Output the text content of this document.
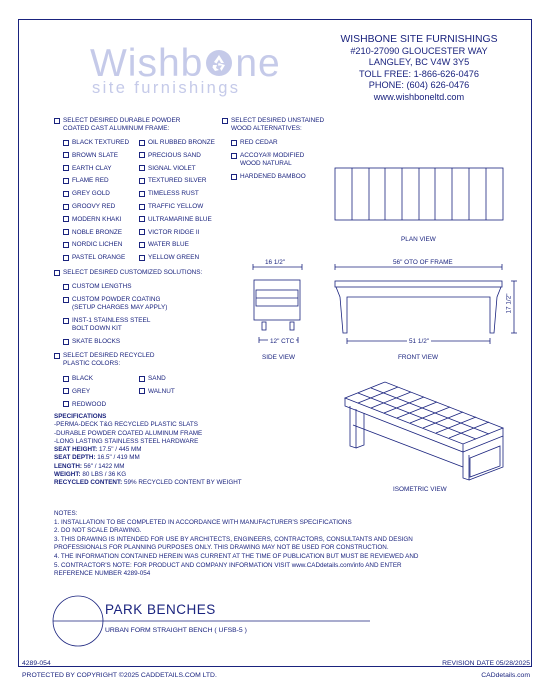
Wishb ne
site furnishings
WISHBONE SITE FURNISHINGS
#210-27090 GLOUCESTER WAY
LANGLEY, BC V4W 3Y5
TOLL FREE: 1-866-626-0476
PHONE: (604) 626-0476
www.wishboneltd.com
SELECT DESIRED DURABLE POWDER
COATED CAST ALUMINUM FRAME:
BLACK TEXTURED
BROWN SLATE
EARTH CLAY
FLAME RED
GREY GOLD
GROOVY RED
MODERN KHAKI
NOBLE BRONZE
NORDIC LICHEN
PASTEL ORANGE
OIL RUBBED BRONZE
PRECIOUS SAND
SIGNAL VIOLET
TEXTURED SILVER
TIMELESS RUST
TRAFFIC YELLOW
ULTRAMARINE BLUE
VICTOR RIDGE II
WATER BLUE
YELLOW GREEN
SELECT DESIRED UNSTAINED
WOOD ALTERNATIVES:
RED CEDAR
ACCOYA® MODIFIED
WOOD NATURAL
HARDENED BAMBOO
SELECT DESIRED CUSTOMIZED SOLUTIONS:
CUSTOM LENGTHS
CUSTOM POWDER COATING
(SETUP CHARGES MAY APPLY)
INST-1 STAINLESS STEEL
BOLT DOWN KIT
SKATE BLOCKS
SELECT DESIRED RECYCLED
PLASTIC COLORS:
BLACK
GREY
REDWOOD
SAND
WALNUT
SPECIFICATIONS
-PERMA-DECK T&G RECYCLED PLASTIC SLATS
-DURABLE POWDER COATED ALUMINUM FRAME
-LONG LASTING STAINLESS STEEL HARDWARE
SEAT HEIGHT: 17.5" / 445 MM
SEAT DEPTH: 16.5" / 419 MM
LENGTH: 56" / 1422 MM
WEIGHT: 80 LBS / 36 KG
RECYCLED CONTENT: 59% RECYCLED CONTENT BY WEIGHT
NOTES:
1. INSTALLATION TO BE COMPLETED IN ACCORDANCE WITH MANUFACTURER'S SPECIFICATIONS
2. DO NOT SCALE DRAWING.
3. THIS DRAWING IS INTENDED FOR USE BY ARCHITECTS, ENGINEERS, CONTRACTORS, CONSULTANTS AND DESIGN
PROFESSIONALS FOR PLANNING PURPOSES ONLY. THIS DRAWING MAY NOT BE USED FOR CONSTRUCTION.
4. THE INFORMATION CONTAINED HEREIN WAS CURRENT AT THE TIME OF PUBLICATION BUT MUST BE REVIEWED AND
5. CONTRACTOR'S NOTE: FOR PRODUCT AND COMPANY INFORMATION VISIT www.CADdetails.com/info AND ENTER
REFERENCE NUMBER 4289-054
PLAN VIEW
16 1/2"
12" CTC
SIDE VIEW
56" OTO OF FRAME
17 1/2"
51 1/2"
FRONT VIEW
ISOMETRIC VIEW
PARK BENCHES
URBAN FORM STRAIGHT BENCH ( UFSB-5 )
4289-054	REVISION DATE 05/28/2025
PROTECTED BY COPYRIGHT ©2025 CADDETAILS.COM LTD.	CADdetails.com
